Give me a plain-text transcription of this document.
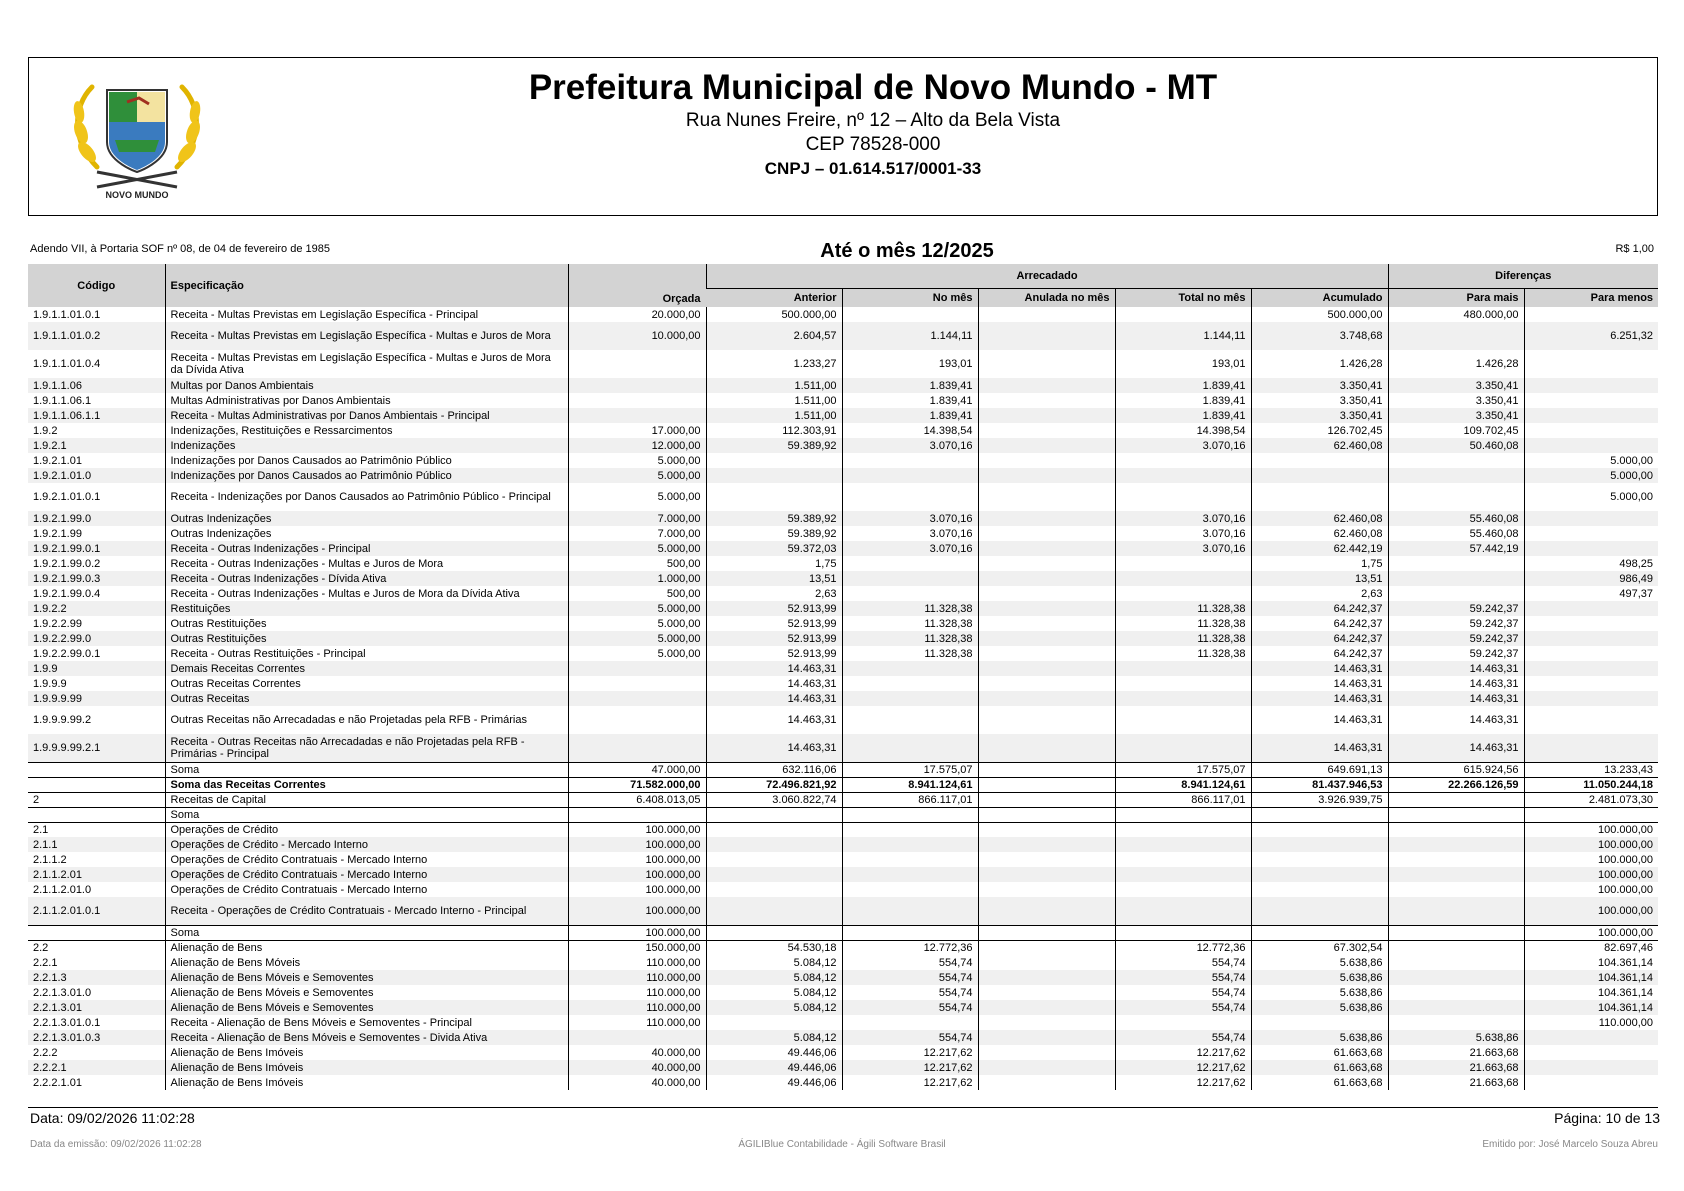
NOVO MUNDO
Prefeitura Municipal de Novo Mundo - MT
Rua Nunes Freire, nº 12 – Alto da Bela Vista
CEP 78528-000
CNPJ – 01.614.517/0001-33
Adendo VII, à Portaria SOF nº 08, de 04 de fevereiro de 1985	Até o mês 12/2025	R$ 1,00
Código	Especificação	Orçada	Arrecadado					Diferenças	
			Anterior	No mês	Anulada no mês	Total no mês	Acumulado	Para mais	Para menos
1.9.1.1.01.0.1	Receita - Multas Previstas em Legislação Específica - Principal	20.000,00	500.000,00				500.000,00	480.000,00	
1.9.1.1.01.0.2	Receita - Multas Previstas em Legislação Específica - Multas e Juros de Mora	10.000,00	2.604,57	1.144,11		1.144,11	3.748,68		6.251,32
1.9.1.1.01.0.4	Receita - Multas Previstas em Legislação Específica - Multas e Juros de Mora da Dívida Ativa		1.233,27	193,01		193,01	1.426,28	1.426,28	
1.9.1.1.06	Multas por Danos Ambientais		1.511,00	1.839,41		1.839,41	3.350,41	3.350,41	
1.9.1.1.06.1	Multas Administrativas por Danos Ambientais		1.511,00	1.839,41		1.839,41	3.350,41	3.350,41	
1.9.1.1.06.1.1	Receita - Multas Administrativas por Danos Ambientais - Principal		1.511,00	1.839,41		1.839,41	3.350,41	3.350,41	
1.9.2	Indenizações, Restituições e Ressarcimentos	17.000,00	112.303,91	14.398,54		14.398,54	126.702,45	109.702,45	
1.9.2.1	Indenizações	12.000,00	59.389,92	3.070,16		3.070,16	62.460,08	50.460,08	
1.9.2.1.01	Indenizações por Danos Causados ao Patrimônio Público	5.000,00							5.000,00
1.9.2.1.01.0	Indenizações por Danos Causados ao Patrimônio Público	5.000,00							5.000,00
1.9.2.1.01.0.1	Receita - Indenizações por Danos Causados ao Patrimônio Público - Principal	5.000,00							5.000,00
1.9.2.1.99.0	Outras Indenizações	7.000,00	59.389,92	3.070,16		3.070,16	62.460,08	55.460,08	
1.9.2.1.99	Outras Indenizações	7.000,00	59.389,92	3.070,16		3.070,16	62.460,08	55.460,08	
1.9.2.1.99.0.1	Receita - Outras Indenizações - Principal	5.000,00	59.372,03	3.070,16		3.070,16	62.442,19	57.442,19	
1.9.2.1.99.0.2	Receita - Outras Indenizações - Multas e Juros de Mora	500,00	1,75				1,75		498,25
1.9.2.1.99.0.3	Receita - Outras Indenizações - Dívida Ativa	1.000,00	13,51				13,51		986,49
1.9.2.1.99.0.4	Receita - Outras Indenizações - Multas e Juros de Mora da Dívida Ativa	500,00	2,63				2,63		497,37
1.9.2.2	Restituições	5.000,00	52.913,99	11.328,38		11.328,38	64.242,37	59.242,37	
1.9.2.2.99	Outras Restituições	5.000,00	52.913,99	11.328,38		11.328,38	64.242,37	59.242,37	
1.9.2.2.99.0	Outras Restituições	5.000,00	52.913,99	11.328,38		11.328,38	64.242,37	59.242,37	
1.9.2.2.99.0.1	Receita - Outras Restituições - Principal	5.000,00	52.913,99	11.328,38		11.328,38	64.242,37	59.242,37	
1.9.9	Demais Receitas Correntes		14.463,31				14.463,31	14.463,31	
1.9.9.9	Outras Receitas Correntes		14.463,31				14.463,31	14.463,31	
1.9.9.9.99	Outras Receitas		14.463,31				14.463,31	14.463,31	
1.9.9.9.99.2	Outras Receitas não Arrecadadas e não Projetadas pela RFB - Primárias		14.463,31				14.463,31	14.463,31	
1.9.9.9.99.2.1	Receita - Outras Receitas não Arrecadadas e não Projetadas pela RFB - Primárias - Principal		14.463,31				14.463,31	14.463,31	
	Soma	47.000,00	632.116,06	17.575,07		17.575,07	649.691,13	615.924,56	13.233,43
	Soma das Receitas Correntes	71.582.000,00	72.496.821,92	8.941.124,61		8.941.124,61	81.437.946,53	22.266.126,59	11.050.244,18
2	Receitas de Capital	6.408.013,05	3.060.822,74	866.117,01		866.117,01	3.926.939,75		2.481.073,30
	Soma								
2.1	Operações de Crédito	100.000,00							100.000,00
2.1.1	Operações de Crédito - Mercado Interno	100.000,00							100.000,00
2.1.1.2	Operações de Crédito Contratuais - Mercado Interno	100.000,00							100.000,00
2.1.1.2.01	Operações de Crédito Contratuais - Mercado Interno	100.000,00							100.000,00
2.1.1.2.01.0	Operações de Crédito Contratuais - Mercado Interno	100.000,00							100.000,00
2.1.1.2.01.0.1	Receita - Operações de Crédito Contratuais - Mercado Interno - Principal	100.000,00							100.000,00
	Soma	100.000,00							100.000,00
2.2	Alienação de Bens	150.000,00	54.530,18	12.772,36		12.772,36	67.302,54		82.697,46
2.2.1	Alienação de Bens Móveis	110.000,00	5.084,12	554,74		554,74	5.638,86		104.361,14
2.2.1.3	Alienação de Bens Móveis e Semoventes	110.000,00	5.084,12	554,74		554,74	5.638,86		104.361,14
2.2.1.3.01.0	Alienação de Bens Móveis e Semoventes	110.000,00	5.084,12	554,74		554,74	5.638,86		104.361,14
2.2.1.3.01	Alienação de Bens Móveis e Semoventes	110.000,00	5.084,12	554,74		554,74	5.638,86		104.361,14
2.2.1.3.01.0.1	Receita - Alienação de Bens Móveis e Semoventes - Principal	110.000,00							110.000,00
2.2.1.3.01.0.3	Receita - Alienação de Bens Móveis e Semoventes - Divida Ativa		5.084,12	554,74		554,74	5.638,86	5.638,86	
2.2.2	Alienação de Bens Imóveis	40.000,00	49.446,06	12.217,62		12.217,62	61.663,68	21.663,68	
2.2.2.1	Alienação de Bens Imóveis	40.000,00	49.446,06	12.217,62		12.217,62	61.663,68	21.663,68	
2.2.2.1.01	Alienação de Bens Imóveis	40.000,00	49.446,06	12.217,62		12.217,62	61.663,68	21.663,68	
Data: 09/02/2026 11:02:28	Página: 10 de 13
Data da emissão: 09/02/2026 11:02:28	ÁGILIBlue Contabilidade - Ágili Software Brasil	Emitido por: José Marcelo Souza Abreu
